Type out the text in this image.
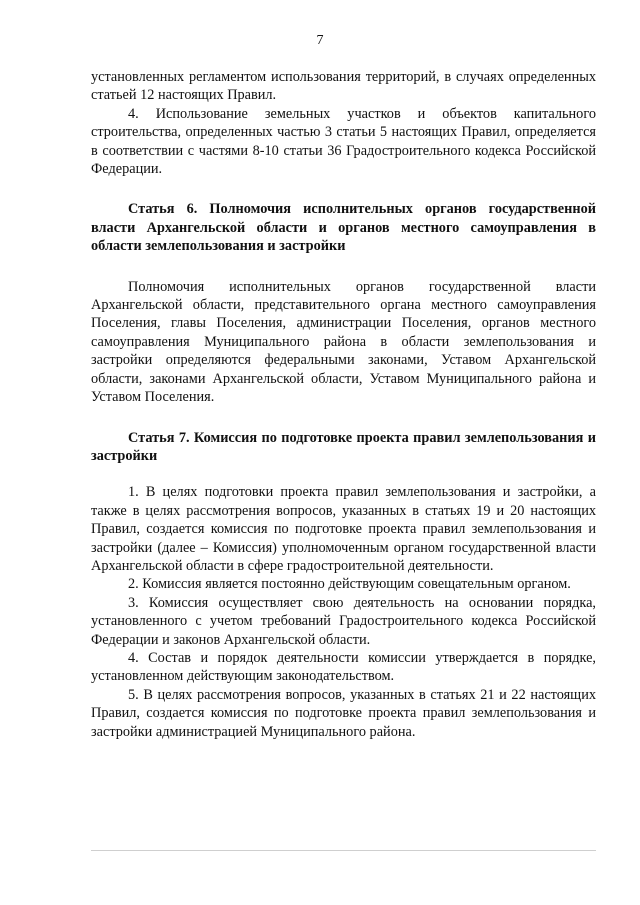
7

установленных регламентом использования территорий, в случаях определенных статьей 12 настоящих Правил.

4. Использование земельных участков и объектов капитального строительства, определенных частью 3 статьи 5 настоящих Правил, определяется в соответствии с частями 8-10 статьи 36 Градостроительного кодекса Российской Федерации.

Статья 6. Полномочия исполнительных органов государственной власти Архангельской области и органов местного самоуправления в области землепользования и застройки

Полномочия исполнительных органов государственной власти Архангельской области, представительного органа местного самоуправления Поселения, главы Поселения, администрации Поселения, органов местного самоуправления Муниципального района в области землепользования и застройки определяются федеральными законами, Уставом Архангельской области, законами Архангельской области, Уставом Муниципального района и Уставом Поселения.

Статья 7. Комиссия по подготовке проекта правил землепользования и застройки

1. В целях подготовки проекта правил землепользования и застройки, а также в целях рассмотрения вопросов, указанных в статьях 19 и 20 настоящих Правил, создается комиссия по подготовке проекта правил землепользования и застройки (далее – Комиссия) уполномоченным органом государственной власти Архангельской области в сфере градостроительной деятельности.

2. Комиссия является постоянно действующим совещательным органом.

3. Комиссия осуществляет свою деятельность на основании порядка, установленного с учетом требований Градостроительного кодекса Российской Федерации и законов Архангельской области.

4. Состав и порядок деятельности комиссии утверждается в порядке, установленном действующим законодательством.

5. В целях рассмотрения вопросов, указанных в статьях 21 и 22 настоящих Правил, создается комиссия по подготовке проекта правил землепользования и застройки администрацией Муниципального района.
